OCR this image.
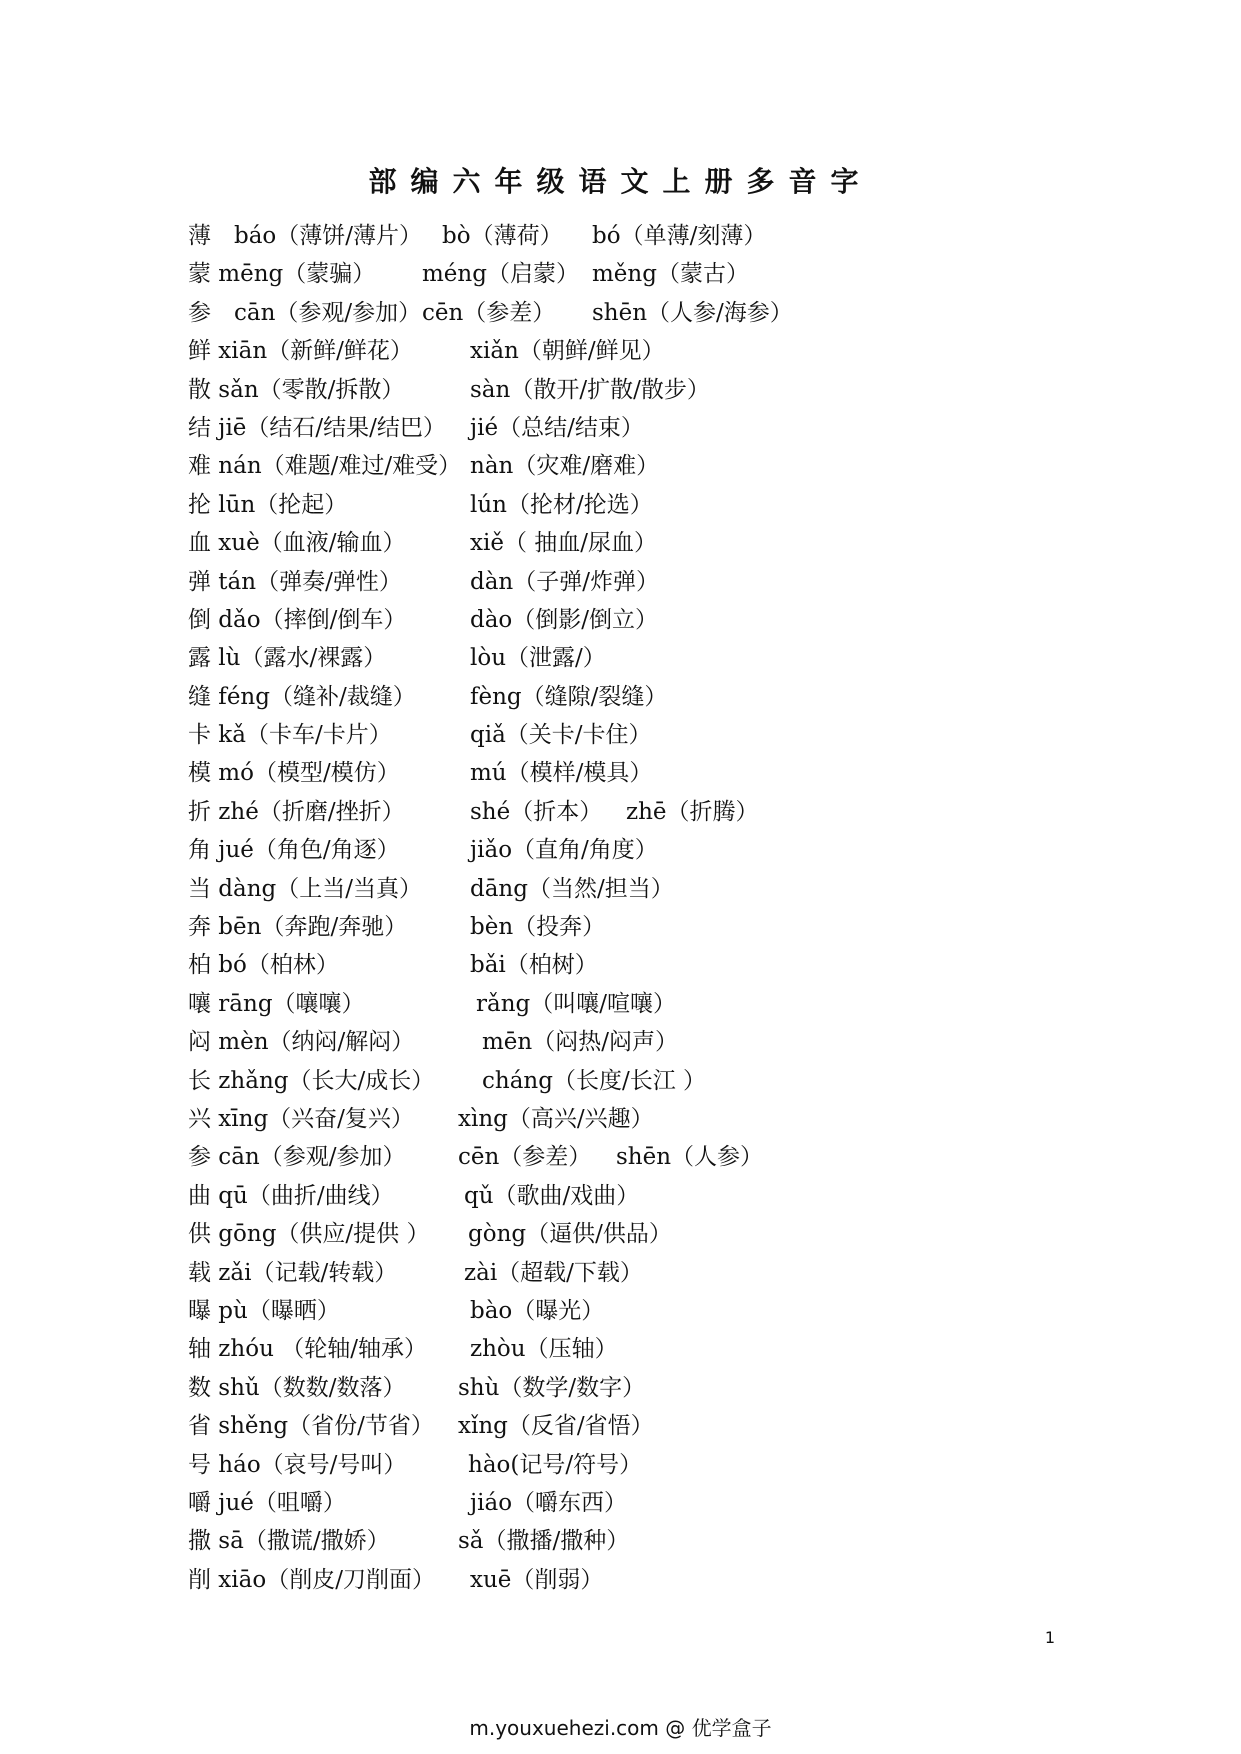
部编六年级语文上册多音字
薄　báo（薄饼/薄片） bò（薄荷） bó（单薄/刻薄）
蒙 mēng（蒙骗） méng（启蒙） měng（蒙古）
参　cān（参观/参加） cēn（参差） shēn（人参/海参）
鲜 xiān（新鲜/鲜花） xiǎn（朝鲜/鲜见）
散 sǎn（零散/拆散）	sàn（散开/扩散/散步）
结 jiē（结石/结果/结巴） jié（总结/结束）
难 nán（难题/难过/难受） nàn（灾难/磨难）
抡 lūn（抡起）	lún（抡材/抡选）
血 xuè（血液/输血）	xiě（ 抽血/尿血）
弹 tán（弹奏/弹性）	dàn（子弹/炸弹）
倒 dǎo（摔倒/倒车）	dào（倒影/倒立）
露 lù（露水/裸露）	lòu（泄露/）
缝 féng（缝补/裁缝） fèng（缝隙/裂缝）
卡 kǎ（卡车/卡片）	qiǎ（关卡/卡住）
模 mó（模型/模仿）	mú（模样/模具）
折 zhé（折磨/挫折）	shé（折本） zhē（折腾）
角 jué（角色/角逐）	jiǎo（直角/角度）
当 dàng（上当/当真） dāng（当然/担当）
奔 bēn（奔跑/奔驰）	bèn（投奔）
柏 bó（柏林）	bǎi（柏树）
嚷 rāng（嚷嚷）	rǎng（叫嚷/喧嚷）
闷 mèn（纳闷/解闷）	mēn（闷热/闷声）
长 zhǎng（长大/成长） cháng（长度/长江 ）
兴 xīng（兴奋/复兴） xìng（高兴/兴趣）
参 cān（参观/参加） cēn（参差） shēn（人参）
曲 qū（曲折/曲线）	qǔ（歌曲/戏曲）
供 gōng（供应/提供 ） gòng（逼供/供品）
载 zǎi（记载/转载）	zài（超载/下载）
曝 pù（曝晒）	bào（曝光）
轴 zhóu （轮轴/轴承） zhòu（压轴）
数 shǔ（数数/数落） shù（数学/数字）
省 shěng（省份/节省） xǐng（反省/省悟）
号 háo（哀号/号叫）	hào(记号/符号）
嚼 jué（咀嚼）	jiáo（嚼东西）
撒 sā（撒谎/撒娇）	sǎ（撒播/撒种）
削 xiāo（削皮/刀削面） xuē（削弱）
1
m.youxuehezi.com @ 优学盒子
